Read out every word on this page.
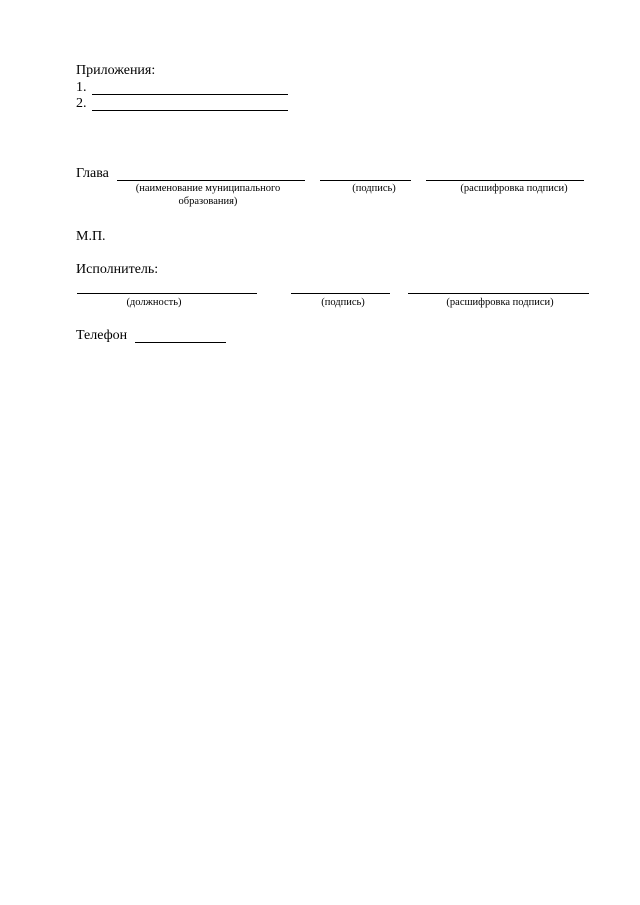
Приложения:
1.
2.
Глава
(наименование муниципального
образования)
(подпись)	(расшифровка подписи)
М.П.
Исполнитель:
(должность)	(подпись)	(расшифровка подписи)
Телефон
